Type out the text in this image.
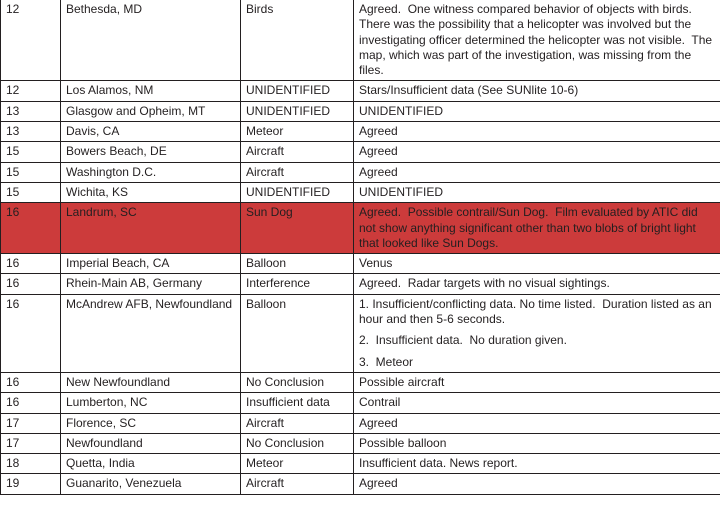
12	Bethesda, MD	Birds	Agreed.  One witness compared behavior of objects with birds.  There was the possibility that a helicopter was involved but the investigating officer determined the helicopter was not visible.  The map, which was part of the investigation, was missing from the files.
12	Los Alamos, NM	UNIDENTIFIED	Stars/Insufficient data (See SUNlite 10-6)
13	Glasgow and Opheim, MT	UNIDENTIFIED	UNIDENTIFIED
13	Davis, CA	Meteor	Agreed
15	Bowers Beach, DE	Aircraft	Agreed
15	Washington D.C.	Aircraft	Agreed
15	Wichita, KS	UNIDENTIFIED	UNIDENTIFIED
16	Landrum, SC	Sun Dog	Agreed.  Possible contrail/Sun Dog.  Film evaluated by ATIC did not show anything significant other than two blobs of bright light that looked like Sun Dogs.
16	Imperial Beach, CA	Balloon	Venus
16	Rhein-Main AB, Germany	Interference	Agreed.  Radar targets with no visual sightings.
16	McAndrew AFB, Newfoundland	Balloon	1. Insufficient/conflicting data. No time listed.  Duration listed as an hour and then 5-6 seconds.

2.  Insufficient data.  No duration given.

3.  Meteor

16	New Newfoundland	No Conclusion	Possible aircraft
16	Lumberton, NC	Insufficient data	Contrail
17	Florence, SC	Aircraft	Agreed
17	Newfoundland	No Conclusion	Possible balloon
18	Quetta, India	Meteor	Insufficient data. News report.
19	Guanarito, Venezuela	Aircraft	Agreed
